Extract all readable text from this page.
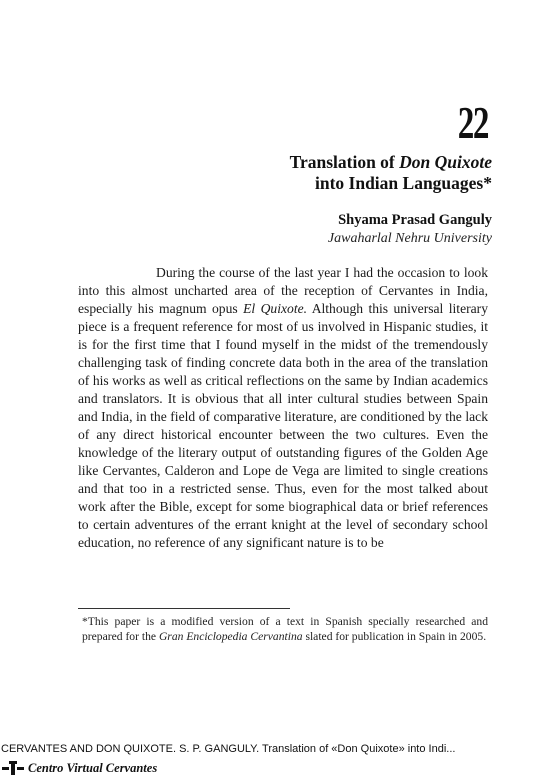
22
Translation of Don Quixote
into Indian Languages*
Shyama Prasad Ganguly
Jawaharlal Nehru University

During the course of the last year I had the occasion to look into this almost uncharted area of the reception of Cervantes in India, especially his magnum opus El Quixote. Although this universal literary piece is a frequent reference for most of us involved in Hispanic studies, it is for the first time that I found myself in the midst of the tremendously challenging task of finding concrete data both in the area of the translation of his works as well as critical reflections on the same by Indian academics and translators. It is obvious that all inter cultural studies between Spain and India, in the field of comparative literature, are conditioned by the lack of any direct historical encounter between the two cultures. Even the knowledge of the literary output of outstanding figures of the Golden Age like Cervantes, Calderon and Lope de Vega are limited to single creations and that too in a restricted sense. Thus, even for the most talked about work after the Bible, except for some biographical data or brief references to certain adventures of the errant knight at the level of secondary school education, no reference of any significant nature is to be

*This paper is a modified version of a text in Spanish specially researched and prepared for the Gran Enciclopedia Cervantina slated for publication in Spain in 2005.

CERVANTES AND DON QUIXOTE. S. P. GANGULY. Translation of «Don Quixote» into Indi...
Centro Virtual Cervantes
